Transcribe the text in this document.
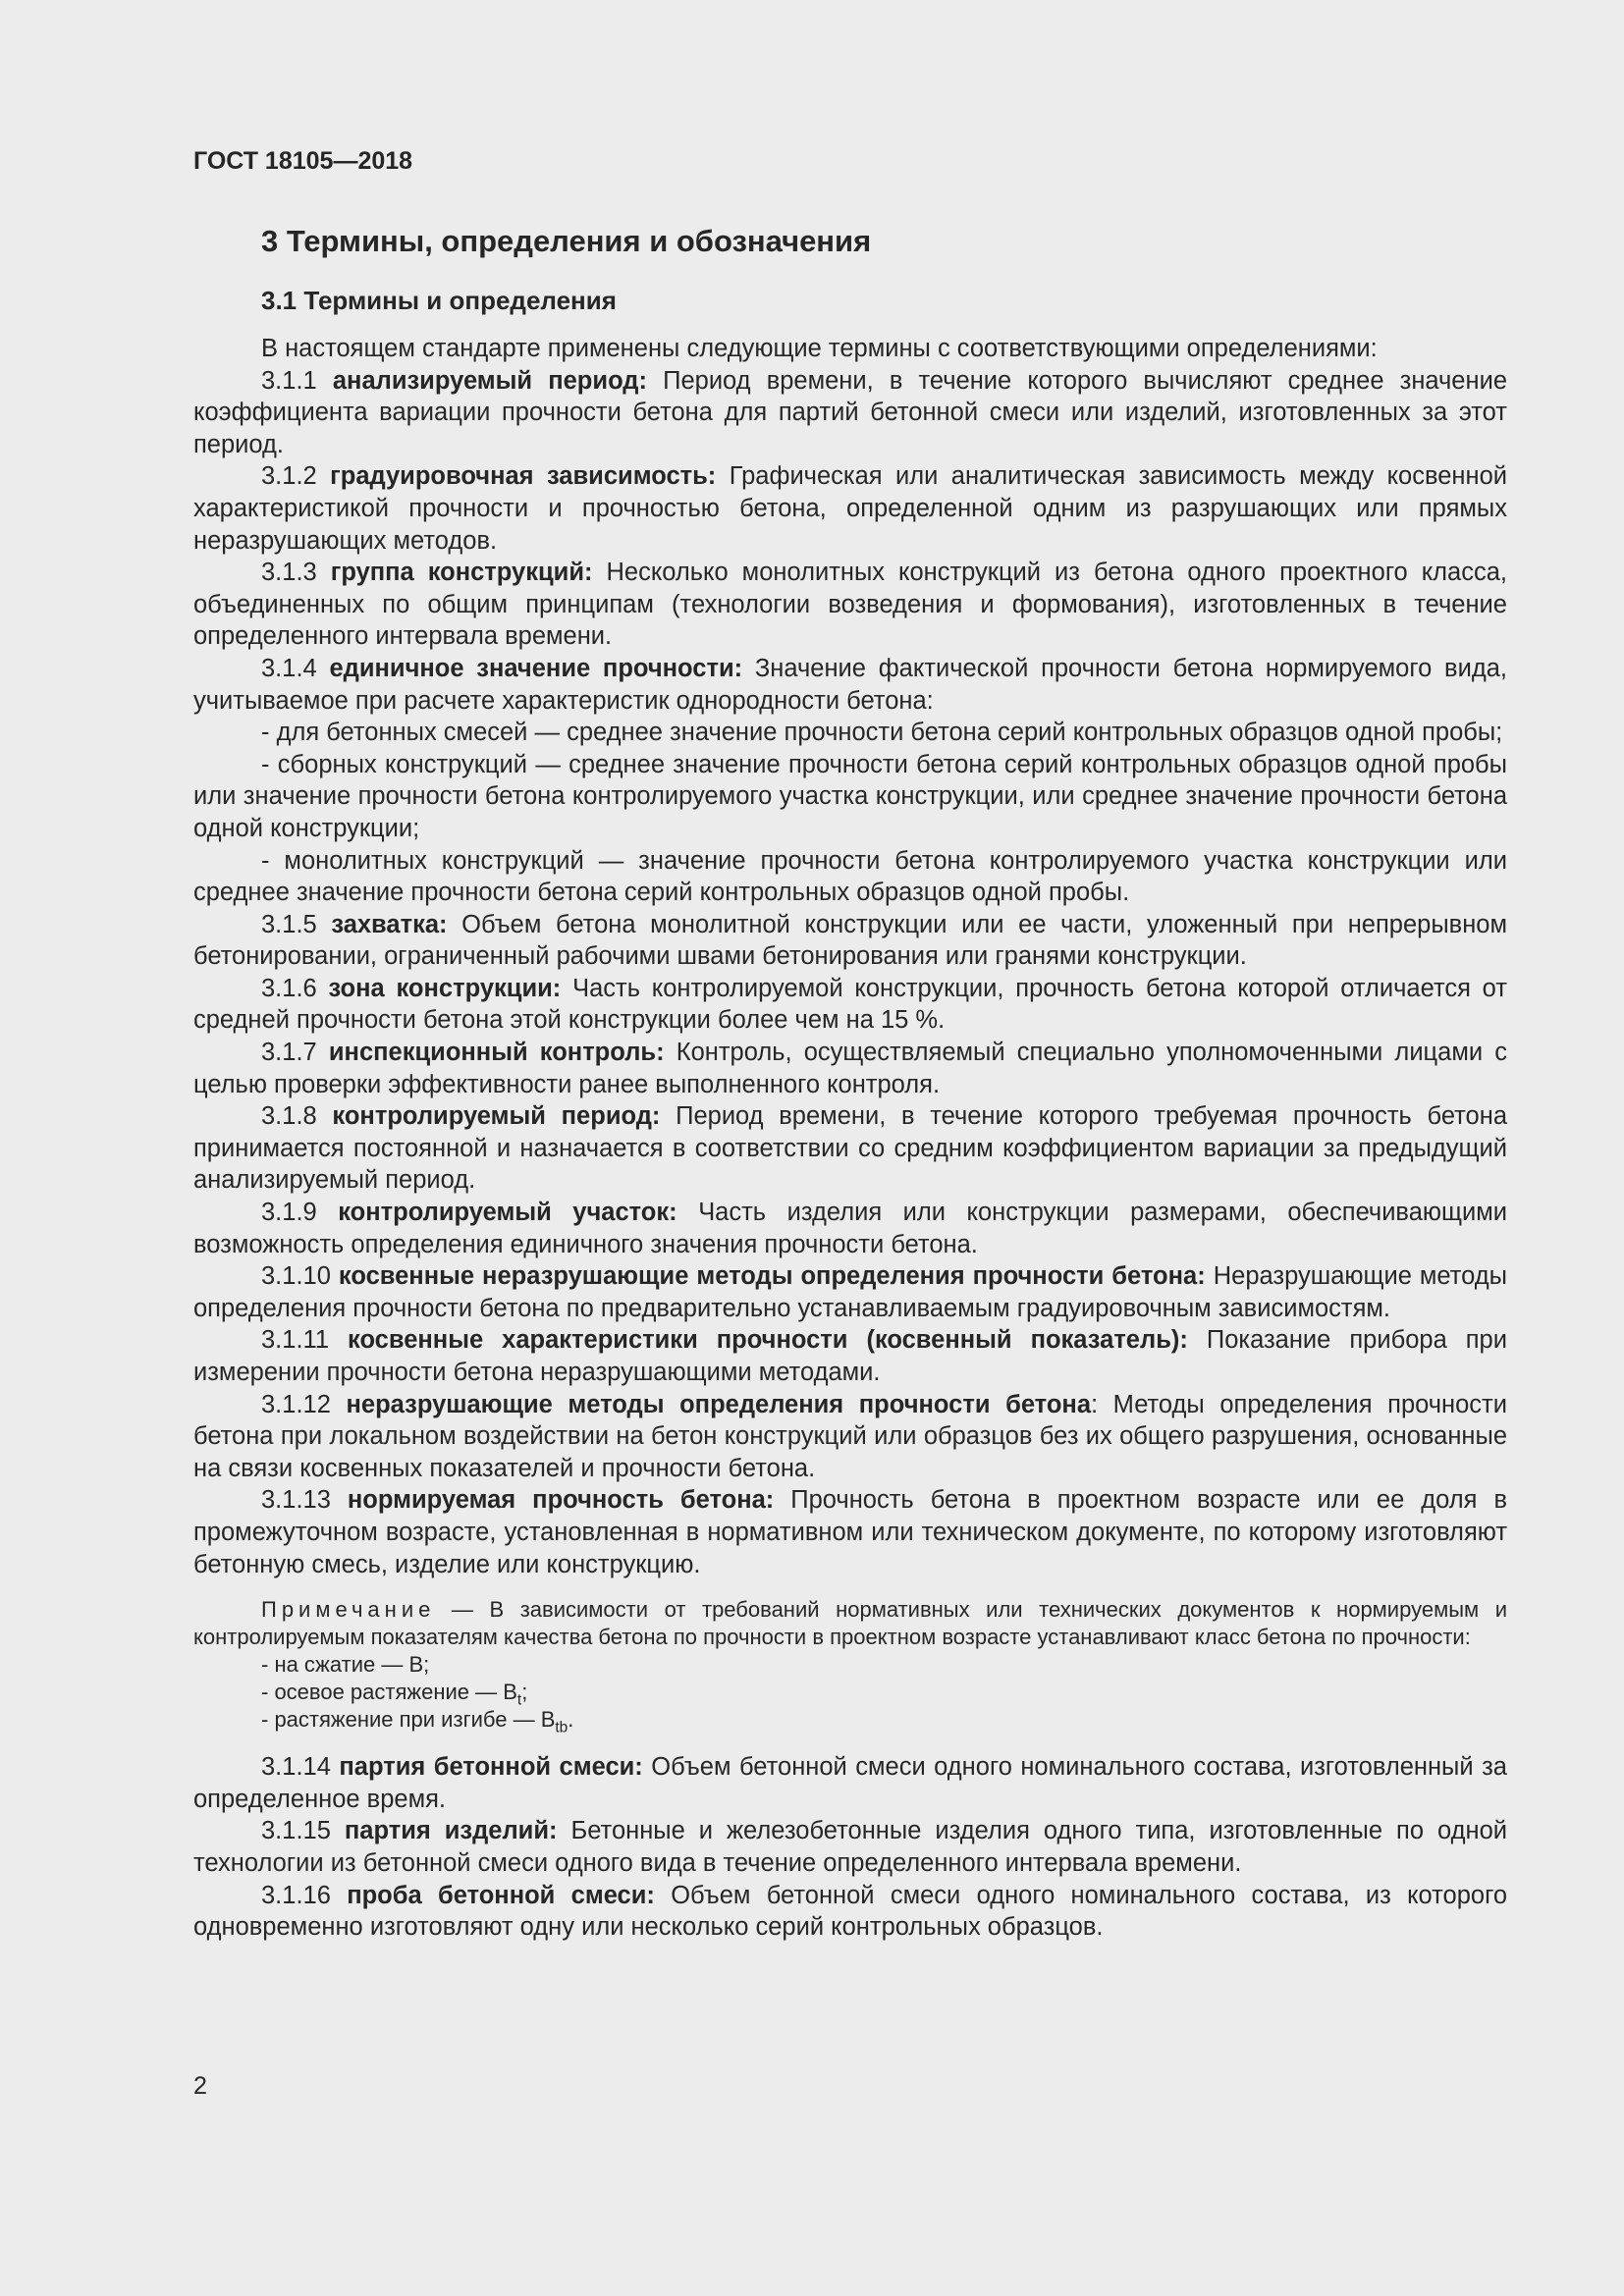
ГОСТ 18105—2018
3 Термины, определения и обозначения
3.1 Термины и определения

В настоящем стандарте применены следующие термины с соответствующими определениями:

3.1.1 анализируемый период: Период времени, в течение которого вычисляют среднее значение коэффициента вариации прочности бетона для партий бетонной смеси или изделий, изготовленных за этот период.

3.1.2 градуировочная зависимость: Графическая или аналитическая зависимость между косвенной характеристикой прочности и прочностью бетона, определенной одним из разрушающих или прямых неразрушающих методов.

3.1.3 группа конструкций: Несколько монолитных конструкций из бетона одного проектного класса, объединенных по общим принципам (технологии возведения и формования), изготовленных в течение определенного интервала времени.

3.1.4 единичное значение прочности: Значение фактической прочности бетона нормируемого вида, учитываемое при расчете характеристик однородности бетона:

- для бетонных смесей — среднее значение прочности бетона серий контрольных образцов одной пробы;

- сборных конструкций — среднее значение прочности бетона серий контрольных образцов одной пробы или значение прочности бетона контролируемого участка конструкции, или среднее значение прочности бетона одной конструкции;

- монолитных конструкций — значение прочности бетона контролируемого участка конструкции или среднее значение прочности бетона серий контрольных образцов одной пробы.

3.1.5 захватка: Объем бетона монолитной конструкции или ее части, уложенный при непрерывном бетонировании, ограниченный рабочими швами бетонирования или гранями конструкции.

3.1.6 зона конструкции: Часть контролируемой конструкции, прочность бетона которой отличается от средней прочности бетона этой конструкции более чем на 15 %.

3.1.7 инспекционный контроль: Контроль, осуществляемый специально уполномоченными лицами с целью проверки эффективности ранее выполненного контроля.

3.1.8 контролируемый период: Период времени, в течение которого требуемая прочность бетона принимается постоянной и назначается в соответствии со средним коэффициентом вариации за предыдущий анализируемый период.

3.1.9 контролируемый участок: Часть изделия или конструкции размерами, обеспечивающими возможность определения единичного значения прочности бетона.

3.1.10 косвенные неразрушающие методы определения прочности бетона: Неразрушающие методы определения прочности бетона по предварительно устанавливаемым градуировочным зависимостям.

3.1.11 косвенные характеристики прочности (косвенный показатель): Показание прибора при измерении прочности бетона неразрушающими методами.

3.1.12 неразрушающие методы определения прочности бетона: Методы определения прочности бетона при локальном воздействии на бетон конструкций или образцов без их общего разрушения, основанные на связи косвенных показателей и прочности бетона.

3.1.13 нормируемая прочность бетона: Прочность бетона в проектном возрасте или ее доля в промежуточном возрасте, установленная в нормативном или техническом документе, по которому изготовляют бетонную смесь, изделие или конструкцию.

Примечание — В зависимости от требований нормативных или технических документов к нормируемым и контролируемым показателям качества бетона по прочности в проектном возрасте устанавливают класс бетона по прочности:

- на сжатие — B;

- осевое растяжение — $B_t$;

- растяжение при изгибе — $B_{tb}$.

3.1.14 партия бетонной смеси: Объем бетонной смеси одного номинального состава, изготовленный за определенное время.

3.1.15 партия изделий: Бетонные и железобетонные изделия одного типа, изготовленные по одной технологии из бетонной смеси одного вида в течение определенного интервала времени.

3.1.16 проба бетонной смеси: Объем бетонной смеси одного номинального состава, из которого одновременно изготовляют одну или несколько серий контрольных образцов.

2
